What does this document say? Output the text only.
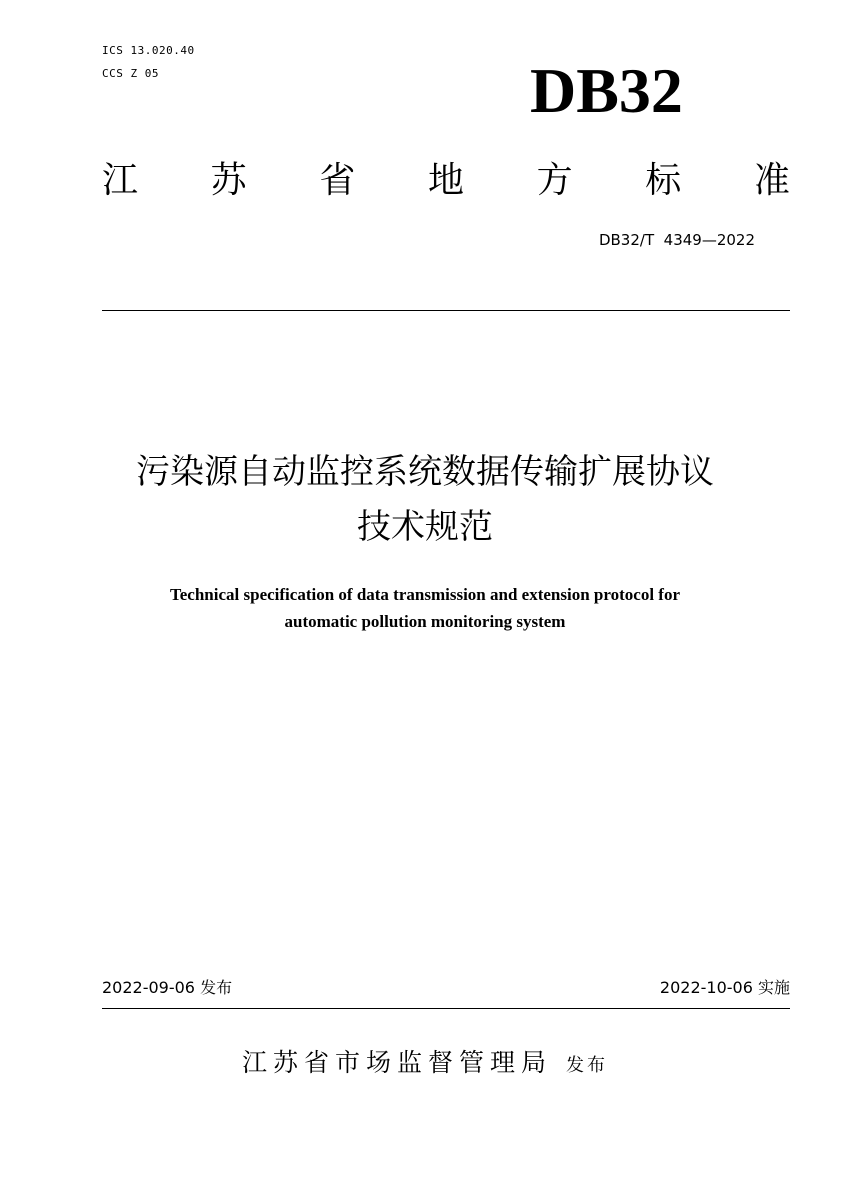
ICS 13.020.40
CCS Z 05	DB32
江 苏 省 地 方 标 准
DB32/T  4349—2022
污染源自动监控系统数据传输扩展协议
技术规范
Technical specification of data transmission and extension protocol for
automatic pollution monitoring system
2022-09-06 发布	2022-10-06 实施
江苏省市场监督管理局 发布
